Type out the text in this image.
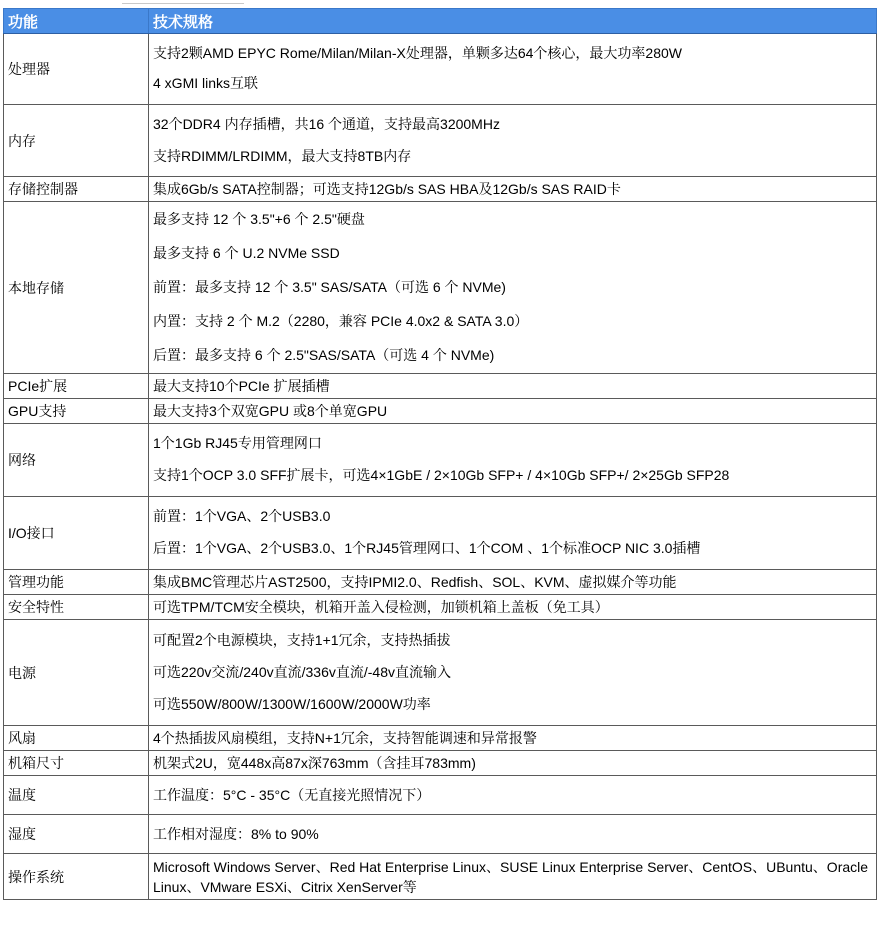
功能	技术规格
处理器	支持2颗AMD EPYC Rome/Milan/Milan-X处理器，单颗多达64个核心，最大功率280W
4 xGMI links互联

内存	32个DDR4 内存插槽，共16 个通道，支持最高3200MHz
支持RDIMM/LRDIMM，最大支持8TB内存

存储控制器	集成6Gb/s SATA控制器；可选支持12Gb/s SAS HBA及12Gb/s SAS RAID卡

本地存储	最多支持 12 个 3.5"+6 个 2.5"硬盘
最多支持 6 个 U.2 NVMe SSD
前置：最多支持 12 个 3.5" SAS/SATA（可选 6 个 NVMe)
内置：支持 2 个 M.2（2280，兼容 PCIe 4.0x2 & SATA 3.0）
后置：最多支持 6 个 2.5"SAS/SATA（可选 4 个 NVMe)

PCIe扩展	最大支持10个PCIe 扩展插槽

GPU支持	最大支持3个双宽GPU 或8个单宽GPU

网络	1个1Gb RJ45专用管理网口
支持1个OCP 3.0 SFF扩展卡，可选4×1GbE / 2×10Gb SFP+ / 4×10Gb SFP+/ 2×25Gb SFP28

I/O接口	前置：1个VGA、2个USB3.0
后置：1个VGA、2个USB3.0、1个RJ45管理网口、1个COM 、1个标准OCP NIC 3.0插槽

管理功能	集成BMC管理芯片AST2500，支持IPMI2.0、Redfish、SOL、KVM、虚拟媒介等功能

安全特性	可选TPM/TCM安全模块，机箱开盖入侵检测，加锁机箱上盖板（免工具）

电源	可配置2个电源模块，支持1+1冗余，支持热插拔
可选220v交流/240v直流/336v直流/-48v直流输入
可选550W/800W/1300W/1600W/2000W功率

风扇	4个热插拔风扇模组，支持N+1冗余，支持智能调速和异常报警

机箱尺寸	机架式2U，宽448x高87x深763mm（含挂耳783mm)

温度	工作温度：5°C - 35°C（无直接光照情况下）

湿度	工作相对湿度：8% to 90%

操作系统	Microsoft Windows Server、Red Hat Enterprise Linux、SUSE Linux Enterprise Server、CentOS、UBuntu、Oracle Linux、VMware ESXi、Citrix XenServer等
